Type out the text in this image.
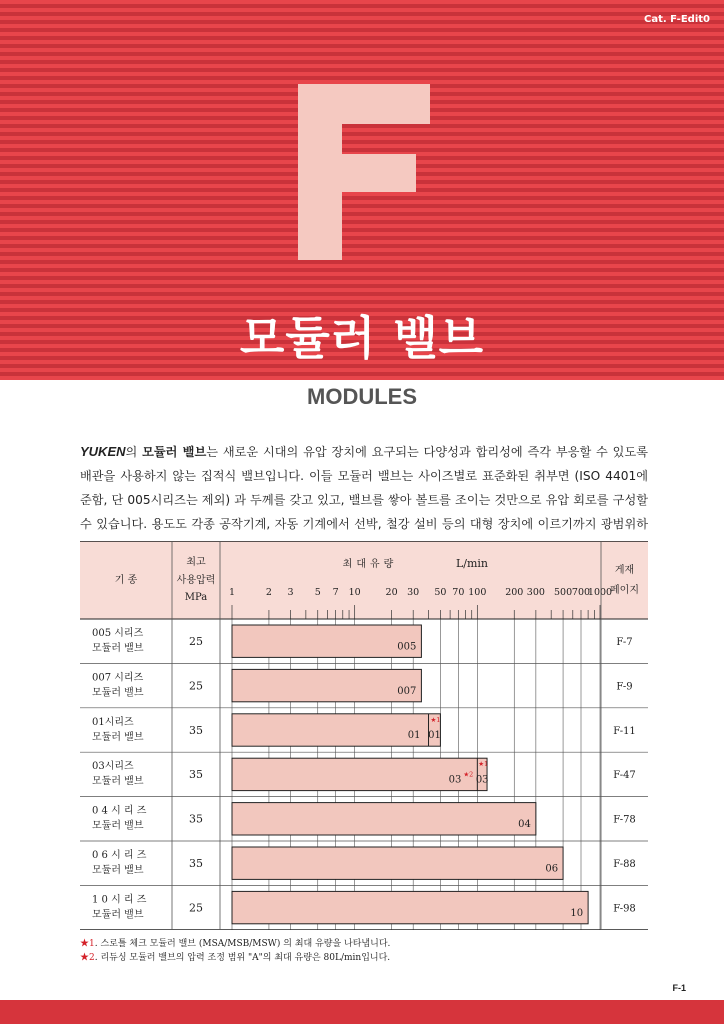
Cat. F-Edit0
모듈러 밸브
MODULES
YUKEN의 모듈러 밸브는 새로운 시대의 유압 장치에 요구되는 다양성과 합리성에 즉각 부응할 수 있도록 배관을 사용하지 않는 집적식 밸브입니다. 이들 모듈러 밸브는 사이즈별로 표준화된 취부면 (ISO 4401에 준함, 단 005시리즈는 제외) 과 두께를 갖고 있고, 밸브를 쌓아 볼트를 조이는 것만으로 유압 회로를 구성할 수 있습니다. 용도도 각종 공작기계, 자동 기계에서 선박, 철강 설비 등의 대형 장치에 이르기까지 광범위하
1	2 3 5 7 10	20 30 50 70 100 200 300 500 700
1000
기 종
최고
사용압력
MPa
최대유량	L/min
게재
페이지
005 시리즈
모듈러 밸브
25	F-7
005
007 시리즈
모듈러 밸브
25	F-9
007
01시리즈
모듈러 밸브
35	F-11
01
★1
01
03시리즈
모듈러 밸브
35	F-47
03
★1
★2
03
0 4 시 리 즈
모듈러 밸브
35	F-78
04
0 6 시 리 즈
모듈러 밸브
35	F-88
06
1 0 시 리 즈
모듈러 밸브
25	F-98
10
★1. 스로틀 체크 모듈러 밸브 (MSA/MSB/MSW) 의 최대 유량을 나타냅니다.
★2. 리듀싱 모듈러 밸브의 압력 조정 범위 "A"의 최대 유량은 80L/min입니다.
F-1
